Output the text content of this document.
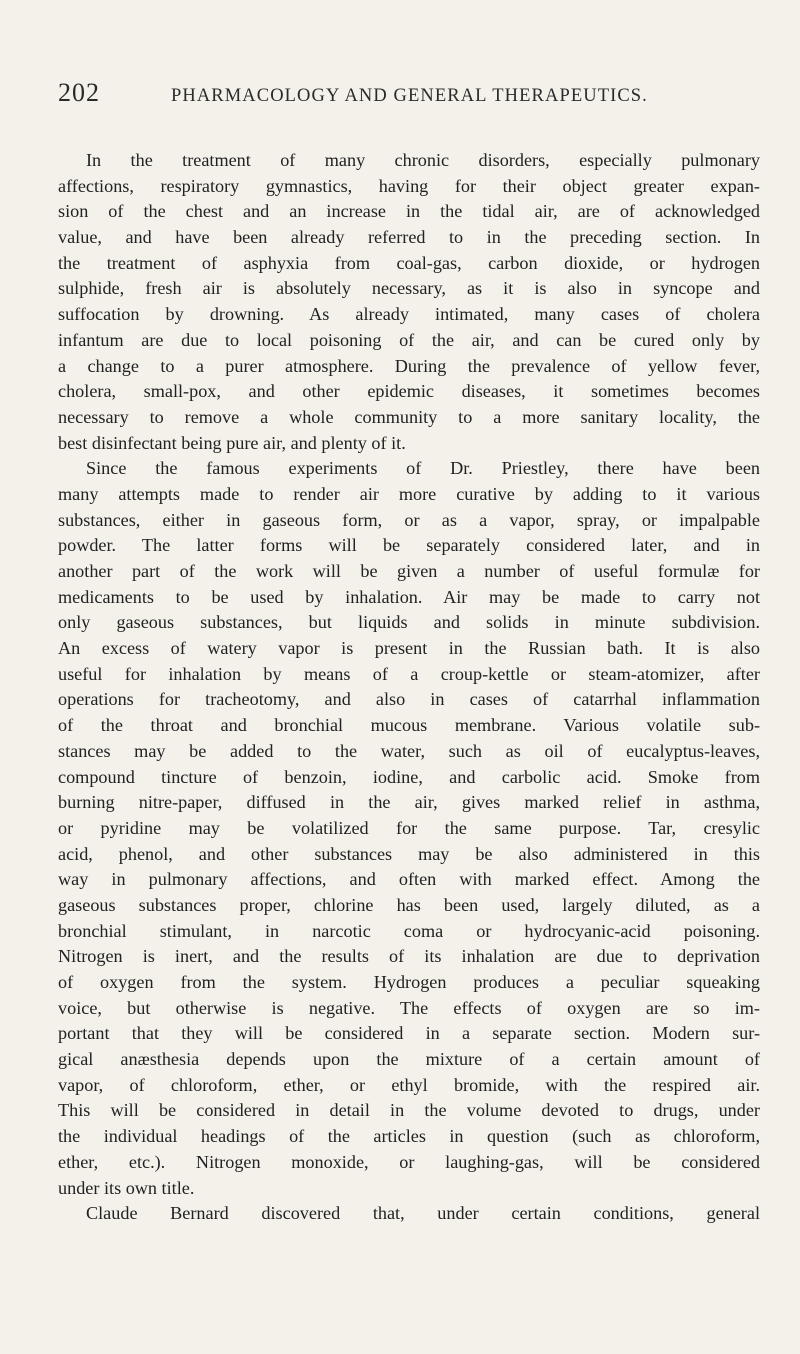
202	PHARMACOLOGY AND GENERAL THERAPEUTICS.
In the treatment of many chronic disorders, especially pulmonary
affections, respiratory gymnastics, having for their object greater expan-
sion of the chest and an increase in the tidal air, are of acknowledged
value, and have been already referred to in the preceding section. In
the treatment of asphyxia from coal-gas, carbon dioxide, or hydrogen
sulphide, fresh air is absolutely necessary, as it is also in syncope and
suffocation by drowning. As already intimated, many cases of cholera
infantum are due to local poisoning of the air, and can be cured only by
a change to a purer atmosphere. During the prevalence of yellow fever,
cholera, small-pox, and other epidemic diseases, it sometimes becomes
necessary to remove a whole community to a more sanitary locality, the
best disinfectant being pure air, and plenty of it.
Since the famous experiments of Dr. Priestley, there have been
many attempts made to render air more curative by adding to it various
substances, either in gaseous form, or as a vapor, spray, or impalpable
powder. The latter forms will be separately considered later, and in
another part of the work will be given a number of useful formulæ for
medicaments to be used by inhalation. Air may be made to carry not
only gaseous substances, but liquids and solids in minute subdivision.
An excess of watery vapor is present in the Russian bath. It is also
useful for inhalation by means of a croup-kettle or steam-atomizer, after
operations for tracheotomy, and also in cases of catarrhal inflammation
of the throat and bronchial mucous membrane. Various volatile sub-
stances may be added to the water, such as oil of eucalyptus-leaves,
compound tincture of benzoin, iodine, and carbolic acid. Smoke from
burning nitre-paper, diffused in the air, gives marked relief in asthma,
or pyridine may be volatilized for the same purpose. Tar, cresylic
acid, phenol, and other substances may be also administered in this
way in pulmonary affections, and often with marked effect. Among the
gaseous substances proper, chlorine has been used, largely diluted, as a
bronchial stimulant, in narcotic coma or hydrocyanic-acid poisoning.
Nitrogen is inert, and the results of its inhalation are due to deprivation
of oxygen from the system. Hydrogen produces a peculiar squeaking
voice, but otherwise is negative. The effects of oxygen are so im-
portant that they will be considered in a separate section. Modern sur-
gical anæsthesia depends upon the mixture of a certain amount of
vapor, of chloroform, ether, or ethyl bromide, with the respired air.
This will be considered in detail in the volume devoted to drugs, under
the individual headings of the articles in question (such as chloroform,
ether, etc.). Nitrogen monoxide, or laughing-gas, will be considered
under its own title.
Claude Bernard discovered that, under certain conditions, general
